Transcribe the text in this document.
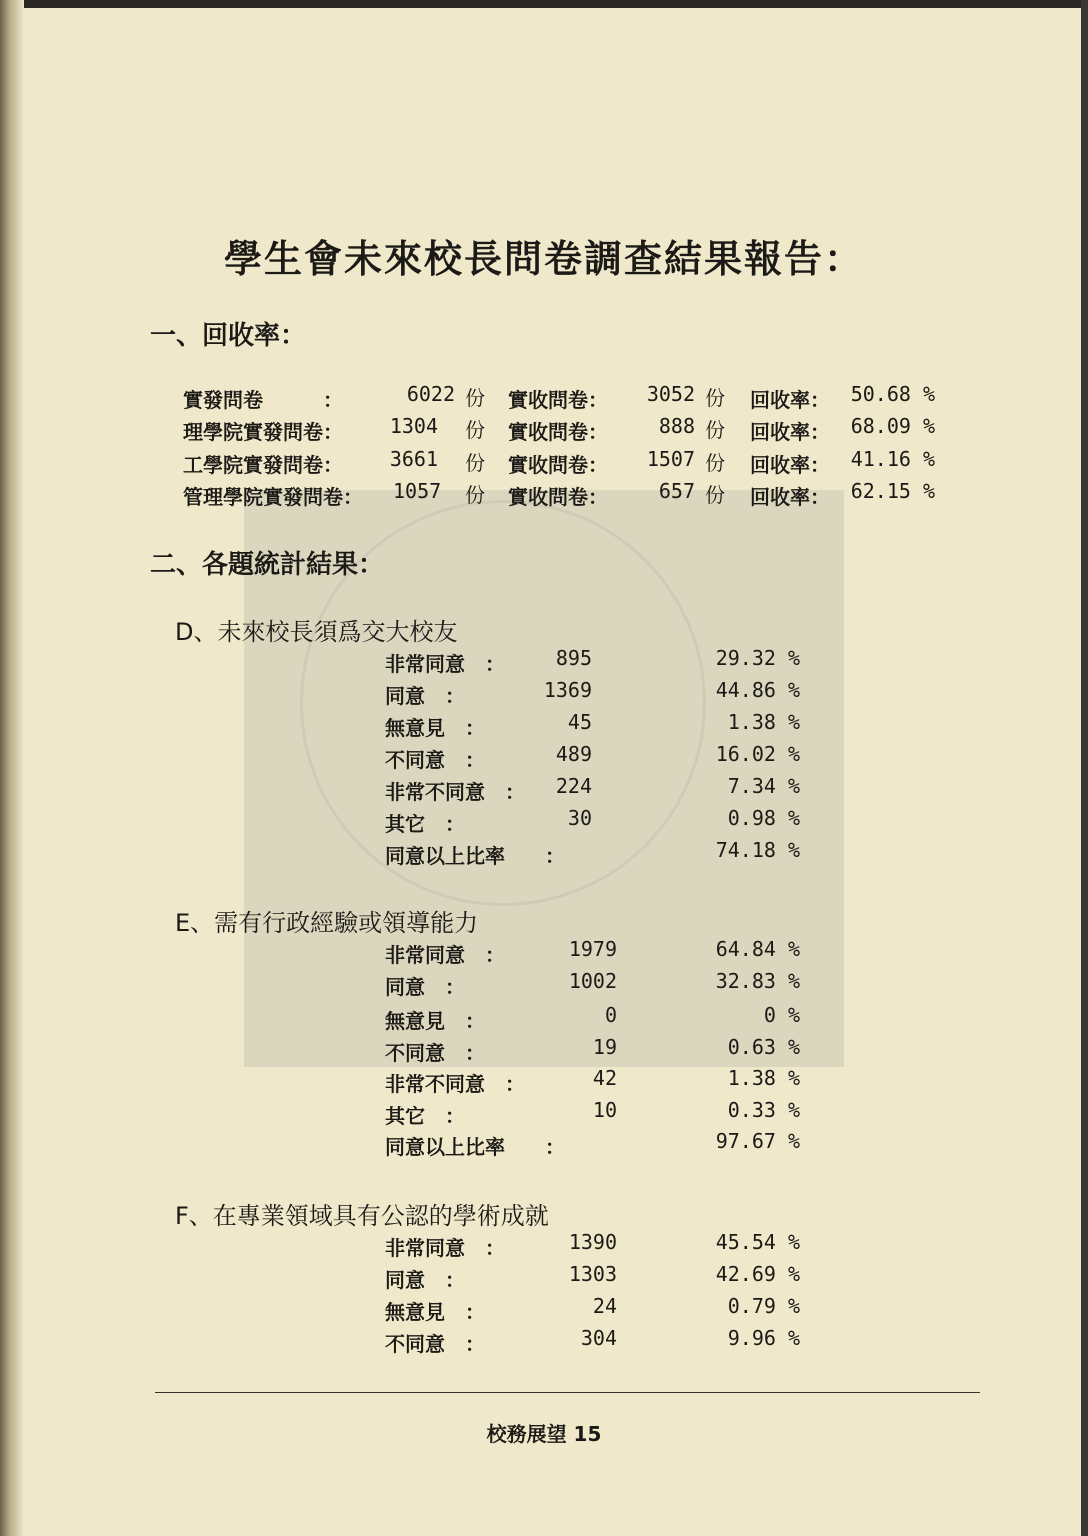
學生會未來校長問卷調查結果報告：
一、回收率：
實發問卷　　　：	6022 份 實收問卷：	3052 份 回收率：	50.68 %
理學院實發問卷：	1304 份 實收問卷：	888 份 回收率：	68.09 %
工學院實發問卷：	3661 份 實收問卷：	1507 份 回收率：	41.16 %
管理學院實發問卷： 1057 份 實收問卷：	657 份 回收率：	62.15 %
二、各題統計結果：
D、未來校長須爲交大校友
非常同意　：	895	29.32 %
同意　：	1369	44.86 %
無意見　：	45	1.38 %
不同意　：	489	16.02 %
非常不同意　：	224	7.34 %
其它　：	30	0.98 %
同意以上比率　　：	74.18 %
E、需有行政經驗或領導能力
非常同意　：	1979	64.84 %
同意　：	1002	32.83 %
無意見　：	0	0 %
不同意　：	19	0.63 %
非常不同意　：	42	1.38 %
其它　：	10	0.33 %
同意以上比率　　：	97.67 %
F、在專業領域具有公認的學術成就
非常同意　：	1390	45.54 %
同意　：	1303	42.69 %
無意見　：	24	0.79 %
不同意　：	304	9.96 %
校務展望 15
